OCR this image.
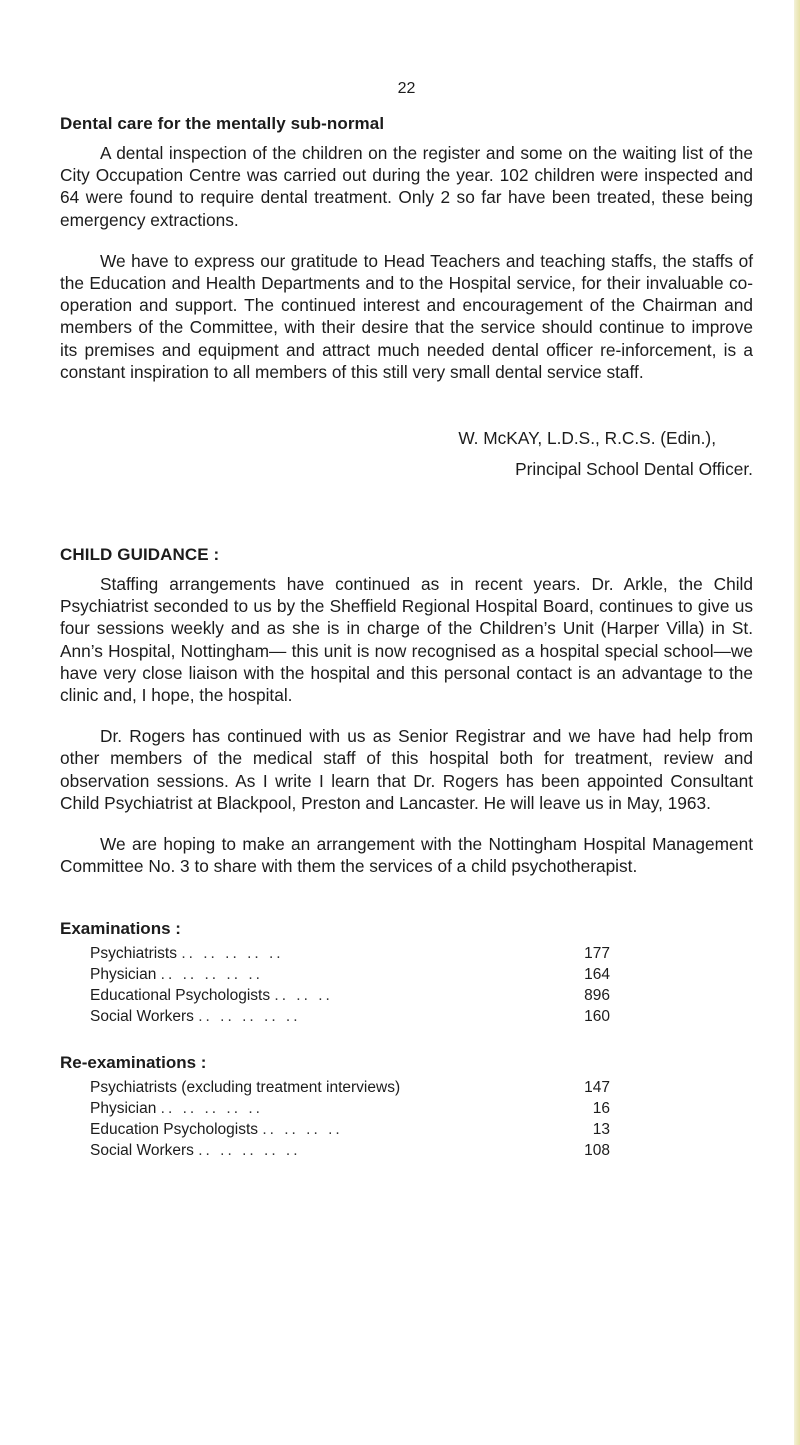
22
Dental care for the mentally sub-normal

A dental inspection of the children on the register and some on the waiting list of the City Occupation Centre was carried out during the year. 102 children were inspected and 64 were found to require dental treatment. Only 2 so far have been treated, these being emergency extractions.

We have to express our gratitude to Head Teachers and teaching staffs, the staffs of the Education and Health Departments and to the Hospital service, for their invaluable co-operation and support. The continued interest and encouragement of the Chairman and members of the Committee, with their desire that the service should continue to improve its premises and equipment and attract much needed dental officer re-inforcement, is a constant inspiration to all members of this still very small dental service staff.

W. McKAY, L.D.S., R.C.S. (Edin.),
Principal School Dental Officer.
CHILD GUIDANCE :

Staffing arrangements have continued as in recent years. Dr. Arkle, the Child Psychiatrist seconded to us by the Sheffield Regional Hospital Board, continues to give us four sessions weekly and as she is in charge of the Children’s Unit (Harper Villa) in St. Ann’s Hospital, Nottingham— this unit is now recognised as a hospital special school—we have very close liaison with the hospital and this personal contact is an advantage to the clinic and, I hope, the hospital.

Dr. Rogers has continued with us as Senior Registrar and we have had help from other members of the medical staff of this hospital both for treatment, review and observation sessions. As I write I learn that Dr. Rogers has been appointed Consultant Child Psychiatrist at Blackpool, Preston and Lancaster. He will leave us in May, 1963.

We are hoping to make an arrangement with the Nottingham Hospital Management Committee No. 3 to share with them the services of a child psychotherapist.

Examinations :
Psychiatrists .. .. .. .. ..	177
Physician .. .. .. .. ..	164
Educational Psychologists .. .. ..	896
Social Workers .. .. .. .. ..	160
Re-examinations :
Psychiatrists (excluding treatment interviews)	147
Physician .. .. .. .. ..	16
Education Psychologists .. .. .. ..	13
Social Workers .. .. .. .. ..	108
